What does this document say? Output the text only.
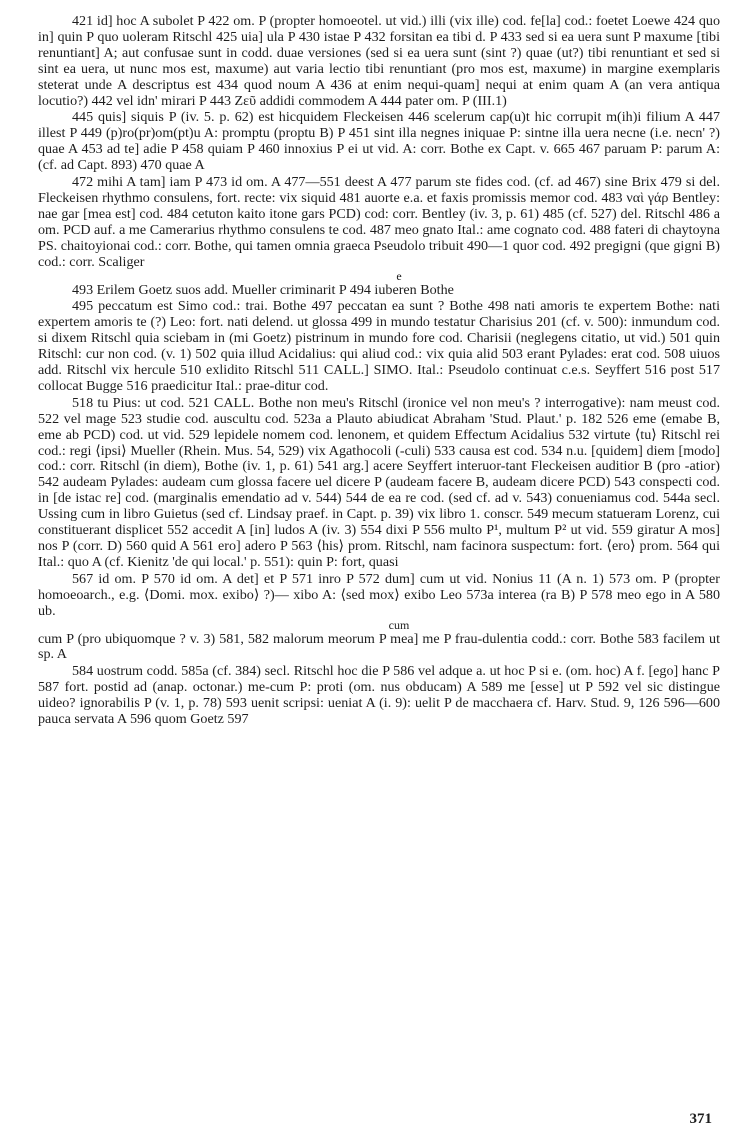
421 id] hoc A subolet P 422 om. P (propter homoeotel. ut vid.) illi (vix ille) cod. fe[la] cod.: foetet Loewe 424 quo in] quin P quo uoleram Ritschl 425 uia] ula P 430 istae P 432 forsitan ea tibi d. P 433 sed si ea uera sunt P maxume [tibi renuntiant] A; aut confusae sunt in codd. duae versiones (sed si ea uera sunt (sint ?) quae (ut?) tibi renuntiant et sed si sint ea uera, ut nunc mos est, maxume) aut varia lectio tibi renuntiant (pro mos est, maxume) in margine exemplaris steterat unde A descriptus est 434 quod noum A 436 at enim nequi-quam] nequi at enim quam A (an vera antiqua locutio?) 442 vel idn' mirari P 443 Ζεῦ addidi commodem A 444 pater om. P (III.1)

445 quis] siquis P (iv. 5. p. 62) est hicquidem Fleckeisen 446 scelerum cap(u)t hic corrupit m(ih)i filium A 447 illest P 449 (p)ro(pr)om(pt)u A: promptu (proptu B) P 451 sint illa negnes iniquae P: sintne illa uera necne (i.e. necn' ?) quae A 453 ad te] adie P 458 quiam P 460 innoxius P ei ut vid. A: corr. Bothe ex Capt. v. 665 467 paruam P: parum A: (cf. ad Capt. 893) 470 quae A

472 mihi A tam] iam P 473 id om. A 477—551 deest A 477 parum ste fides cod. (cf. ad 467) sine Brix 479 si del. Fleckeisen rhythmo consulens, fort. recte: vix siquid 481 auorte e.a. et faxis promissis memor cod. 483 ναὶ γάρ Bentley: nae gar [mea est] cod. 484 cetuton kaito itone gars PCD) cod: corr. Bentley (iv. 3, p. 61) 485 (cf. 527) del. Ritschl 486 a om. PCD auf. a me Camerarius rhythmo consulens te cod. 487 meo gnato Ital.: ame cognato cod. 488 fateri di chaytoyna PS. chaitoyionai cod.: corr. Bothe, qui tamen omnia graeca Pseudolo tribuit 490—1 quor cod. 492 pregigni (que gigni B) cod.: corr. Scaliger

e

493 Erilem Goetz suos add. Mueller criminarit P 494 iuberen Bothe

495 peccatum est Simo cod.: trai. Bothe 497 peccatan ea sunt ? Bothe 498 nati amoris te expertem Bothe: nati expertem amoris te (?) Leo: fort. nati delend. ut glossa 499 in mundo testatur Charisius 201 (cf. v. 500): inmundum cod. si dixem Ritschl quia sciebam in (mi Goetz) pistrinum in mundo fore cod. Charisii (neglegens citatio, ut vid.) 501 quin Ritschl: cur non cod. (v. 1) 502 quia illud Acidalius: qui aliud cod.: vix quia alid 503 erant Pylades: erat cod. 508 uiuos add. Ritschl vix hercule 510 exlidito Ritschl 511 CALL.] SIMO. Ital.: Pseudolo continuat c.e.s. Seyffert 516 post 517 collocat Bugge 516 praedicitur Ital.: prae-ditur cod.

518 tu Pius: ut cod. 521 CALL. Bothe non meu's Ritschl (ironice vel non meu's ? interrogative): nam meust cod. 522 vel mage 523 studie cod. auscultu cod. 523a a Plauto abiudicat Abraham 'Stud. Plaut.' p. 182 526 eme (emabe B, eme ab PCD) cod. ut vid. 529 lepidele nomem cod. lenonem, et quidem Effectum Acidalius 532 virtute ⟨tu⟩ Ritschl rei cod.: regi ⟨ipsi⟩ Mueller (Rhein. Mus. 54, 529) vix Agathocoli (-culi) 533 causa est cod. 534 n.u. [quidem] diem [modo] cod.: corr. Ritschl (in diem), Bothe (iv. 1, p. 61) 541 arg.] acere Seyffert interuor-tant Fleckeisen auditior B (pro -atior) 542 audeam Pylades: audeam cum glossa facere uel dicere P (audeam facere B, audeam dicere PCD) 543 conspecti cod. in [de istac re] cod. (marginalis emendatio ad v. 544) 544 de ea re cod. (sed cf. ad v. 543) conueniamus cod. 544a secl. Ussing cum in libro Guietus (sed cf. Lindsay praef. in Capt. p. 39) vix libro 1. conscr. 549 mecum statueram Lorenz, cui constituerant displicet 552 accedit A [in] ludos A (iv. 3) 554 dixi P 556 multo P¹, multum P² ut vid. 559 giratur A mos] nos P (corr. D) 560 quid A 561 ero] adero P 563 ⟨his⟩ prom. Ritschl, nam facinora suspectum: fort. ⟨ero⟩ prom. 564 qui Ital.: quo A (cf. Kienitz 'de qui local.' p. 551): quin P: fort, quasi

567 id om. P 570 id om. A det] et P 571 inro P 572 dum] cum ut vid. Nonius 11 (A n. 1) 573 om. P (propter homoeoarch., e.g. ⟨Domi. mox. exibo⟩ ?)— xibo A: ⟨sed mox⟩ exibo Leo 573a interea (ra B) P 578 meo ego in A 580 ub.

cum

cum P (pro ubiquomque ? v. 3) 581, 582 malorum meorum P mea] me P frau-dulentia codd.: corr. Bothe 583 facilem ut sp. A

584 uostrum codd. 585a (cf. 384) secl. Ritschl hoc die P 586 vel adque a. ut hoc P si e. (om. hoc) A f. [ego] hanc P 587 fort. postid ad (anap. octonar.) me-cum P: proti (om. nus obducam) A 589 me [esse] ut P 592 vel sic distingue uideo? ignorabilis P (v. 1, p. 78) 593 uenit scripsi: ueniat A (i. 9): uelit P de macchaera cf. Harv. Stud. 9, 126 596—600 pauca servata A 596 quom Goetz 597

371
